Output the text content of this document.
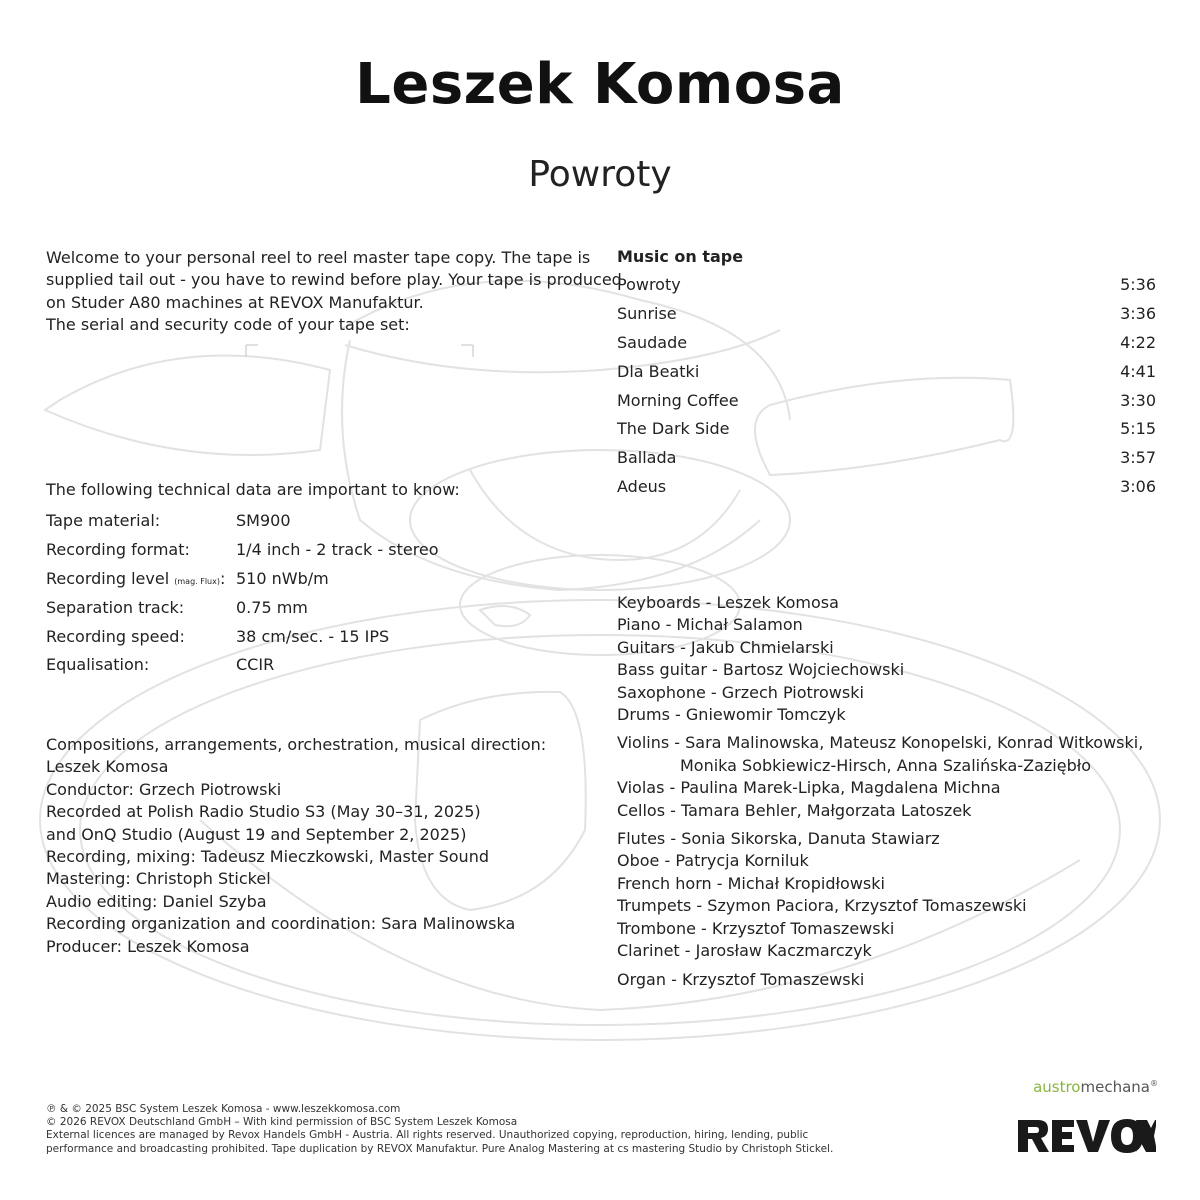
Leszek Komosa
Powroty
Welcome to your personal reel to reel master tape copy. The tape is
supplied tail out - you have to rewind before play. Your tape is produced
on Studer A80 machines at REVOX Manufaktur.
The serial and security code of your tape set:
The following technical data are important to know:
Tape material:	SM900
Recording format:	1/4 inch - 2 track - stereo
Recording level (mag. Flux): 510 nWb/m
Separation track:	0.75 mm
Recording speed:	38 cm/sec. - 15 IPS
Equalisation:	CCIR
Music on tape
Powroty	5:36
Sunrise	3:36
Saudade	4:22
Dla Beatki	4:41
Morning Coffee	3:30
The Dark Side	5:15
Ballada	3:57
Adeus	3:06
Compositions, arrangements, orchestration, musical direction:
Leszek Komosa
Conductor: Grzech Piotrowski
Recorded at Polish Radio Studio S3 (May 30–31, 2025)
and OnQ Studio (August 19 and September 2, 2025)
Recording, mixing: Tadeusz Mieczkowski, Master Sound
Mastering: Christoph Stickel
Audio editing: Daniel Szyba
Recording organization and coordination: Sara Malinowska
Producer: Leszek Komosa
Keyboards - Leszek Komosa
Piano - Michał Salamon
Guitars - Jakub Chmielarski
Bass guitar - Bartosz Wojciechowski
Saxophone - Grzech Piotrowski
Drums - Gniewomir Tomczyk
Violins - Sara Malinowska, Mateusz Konopelski, Konrad Witkowski,
Monika Sobkiewicz-Hirsch, Anna Szalińska-Zaziębło
Violas - Paulina Marek-Lipka, Magdalena Michna
Cellos - Tamara Behler, Małgorzata Latoszek
Flutes - Sonia Sikorska, Danuta Stawiarz
Oboe - Patrycja Korniluk
French horn - Michał Kropidłowski
Trumpets - Szymon Paciora, Krzysztof Tomaszewski
Trombone - Krzysztof Tomaszewski
Clarinet - Jarosław Kaczmarczyk
Organ - Krzysztof Tomaszewski
℗ & © 2025 BSC System Leszek Komosa - www.leszekkomosa.com
© 2026 REVOX Deutschland GmbH – With kind permission of BSC System Leszek Komosa
External licences are managed by Revox Handels GmbH - Austria. All rights reserved. Unauthorized copying, reproduction, hiring, lending, public
performance and broadcasting prohibited. Tape duplication by REVOX Manufaktur. Pure Analog Mastering at cs mastering Studio by Christoph Stickel.
austromechana®
